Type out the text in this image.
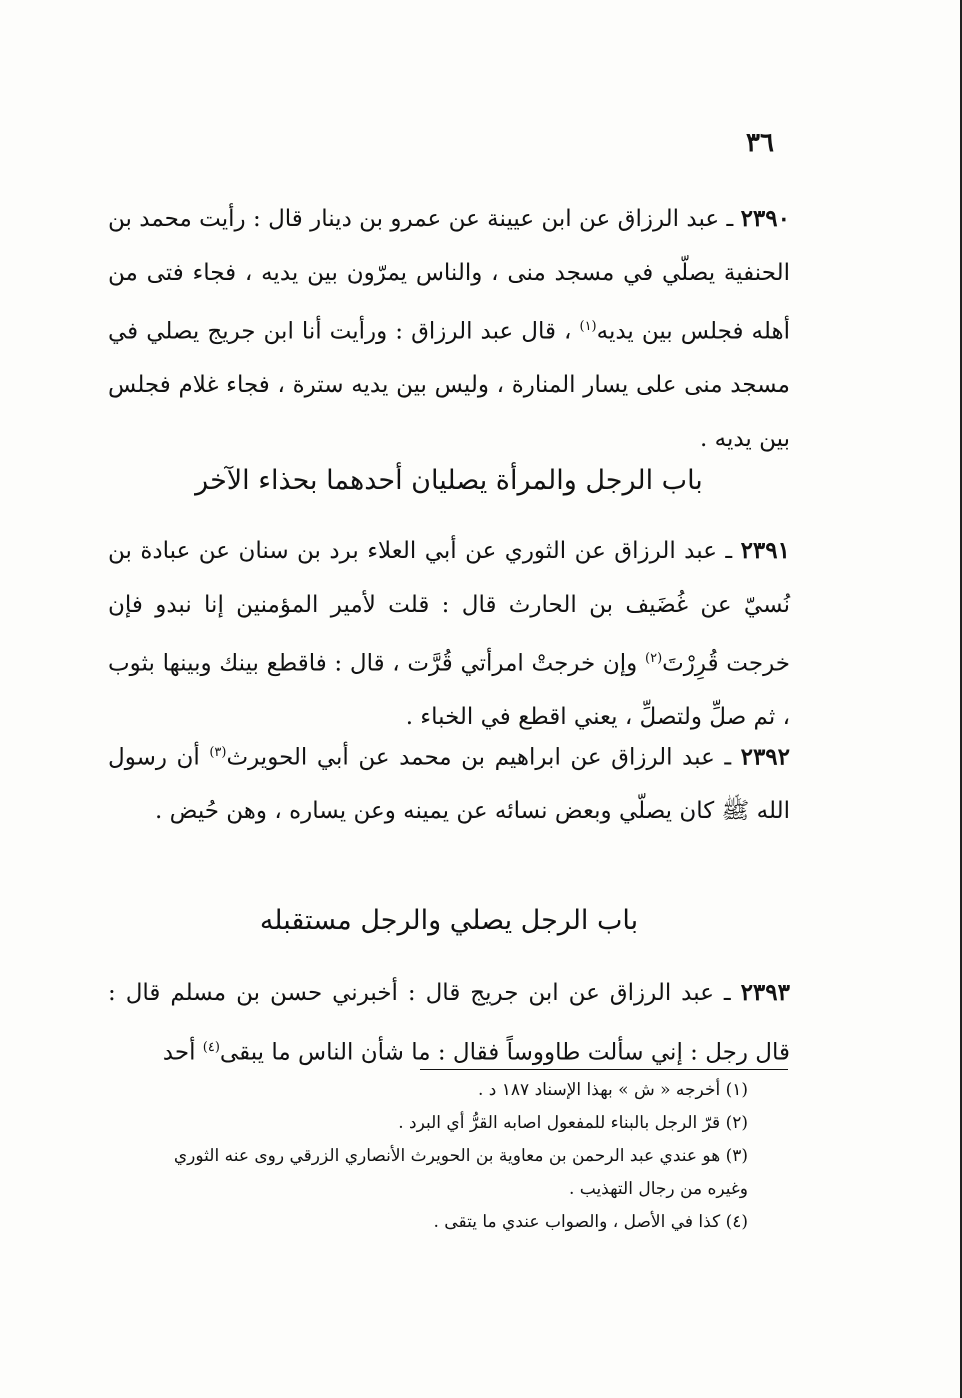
٣٦
٢٣٩٠ ـ عبد الرزاق عن ابن عيينة عن عمرو بن دينار قال : رأيت محمد بن الحنفية يصلّي في مسجد منى ، والناس يمرّون بين يديه ، فجاء فتى من أهله فجلس بين يديه$^{(١)}$ ، قال عبد الرزاق : ورأيت أنا ابن جريج يصلي في مسجد منى على يسار المنارة ، وليس بين يديه سترة ، فجاء غلام فجلس بين يديه .
باب الرجل والمرأة يصليان أحدهما بحذاء الآخر
٢٣٩١ ـ عبد الرزاق عن الثوري عن أبي العلاء برد بن سنان عن عبادة بن نُسيّ عن غُضَيف بن الحارث قال : قلت لأمير المؤمنين إنا نبدو فإن خرجت قُرِرْتَ$^{(٢)}$ وإن خرجتْ امرأتي قُرَّت ، قال : فاقطع بينك وبينها بثوب ، ثم صلِّ ولتصلِّ ، يعني اقطع في الخباء .
٢٣٩٢ ـ عبد الرزاق عن ابراهيم بن محمد عن أبي الحويرث$^{(٣)}$ أن رسول الله ﷺ كان يصلّي وبعض نسائه عن يمينه وعن يساره ، وهن حُيض .
باب الرجل يصلي والرجل مستقبله
٢٣٩٣ ـ عبد الرزاق عن ابن جريج قال : أخبرني حسن بن مسلم قال : قال رجل : إني سألت طاووساً فقال : ما شأن الناس ما يبقى$^{(٤)}$ أحد
(١) أخرجه « ش » بهذا الإسناد ١٨٧ د .
(٢) قرّ الرجل بالبناء للمفعول اصابه القرُّ أي البرد .
(٣) هو عندي عبد الرحمن بن معاوية بن الحويرث الأنصاري الزرقي روى عنه الثوري
وغيره من رجال التهذيب .
(٤) كذا في الأصل ، والصواب عندي ما يتقى .
